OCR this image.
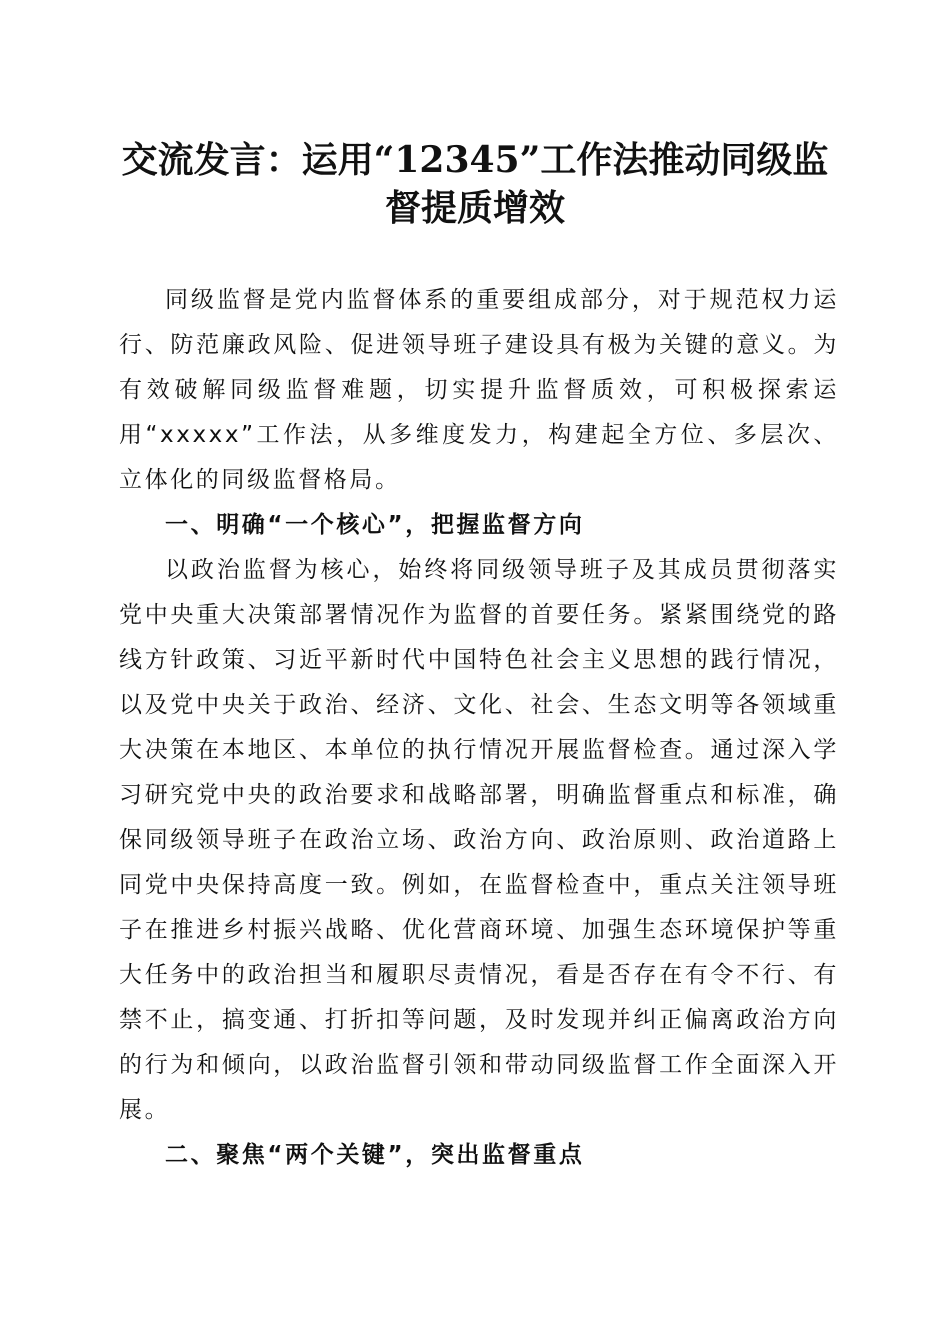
交流发言：运用“12345”工作法推动同级监
督提质增效

同级监督是党内监督体系的重要组成部分，对于规范权力运行、防范廉政风险、促进领导班子建设具有极为关键的意义。为有效破解同级监督难题，切实提升监督质效，可积极探索运用“xxxxx”工作法，从多维度发力，构建起全方位、多层次、立体化的同级监督格局。

一、明确“一个核心”，把握监督方向

以政治监督为核心，始终将同级领导班子及其成员贯彻落实党中央重大决策部署情况作为监督的首要任务。紧紧围绕党的路线方针政策、习近平新时代中国特色社会主义思想的践行情况，以及党中央关于政治、经济、文化、社会、生态文明等各领域重大决策在本地区、本单位的执行情况开展监督检查。通过深入学习研究党中央的政治要求和战略部署，明确监督重点和标准，确保同级领导班子在政治立场、政治方向、政治原则、政治道路上同党中央保持高度一致。例如，在监督检查中，重点关注领导班子在推进乡村振兴战略、优化营商环境、加强生态环境保护等重大任务中的政治担当和履职尽责情况，看是否存在有令不行、有禁不止，搞变通、打折扣等问题，及时发现并纠正偏离政治方向的行为和倾向，以政治监督引领和带动同级监督工作全面深入开展。

二、聚焦“两个关键”，突出监督重点
